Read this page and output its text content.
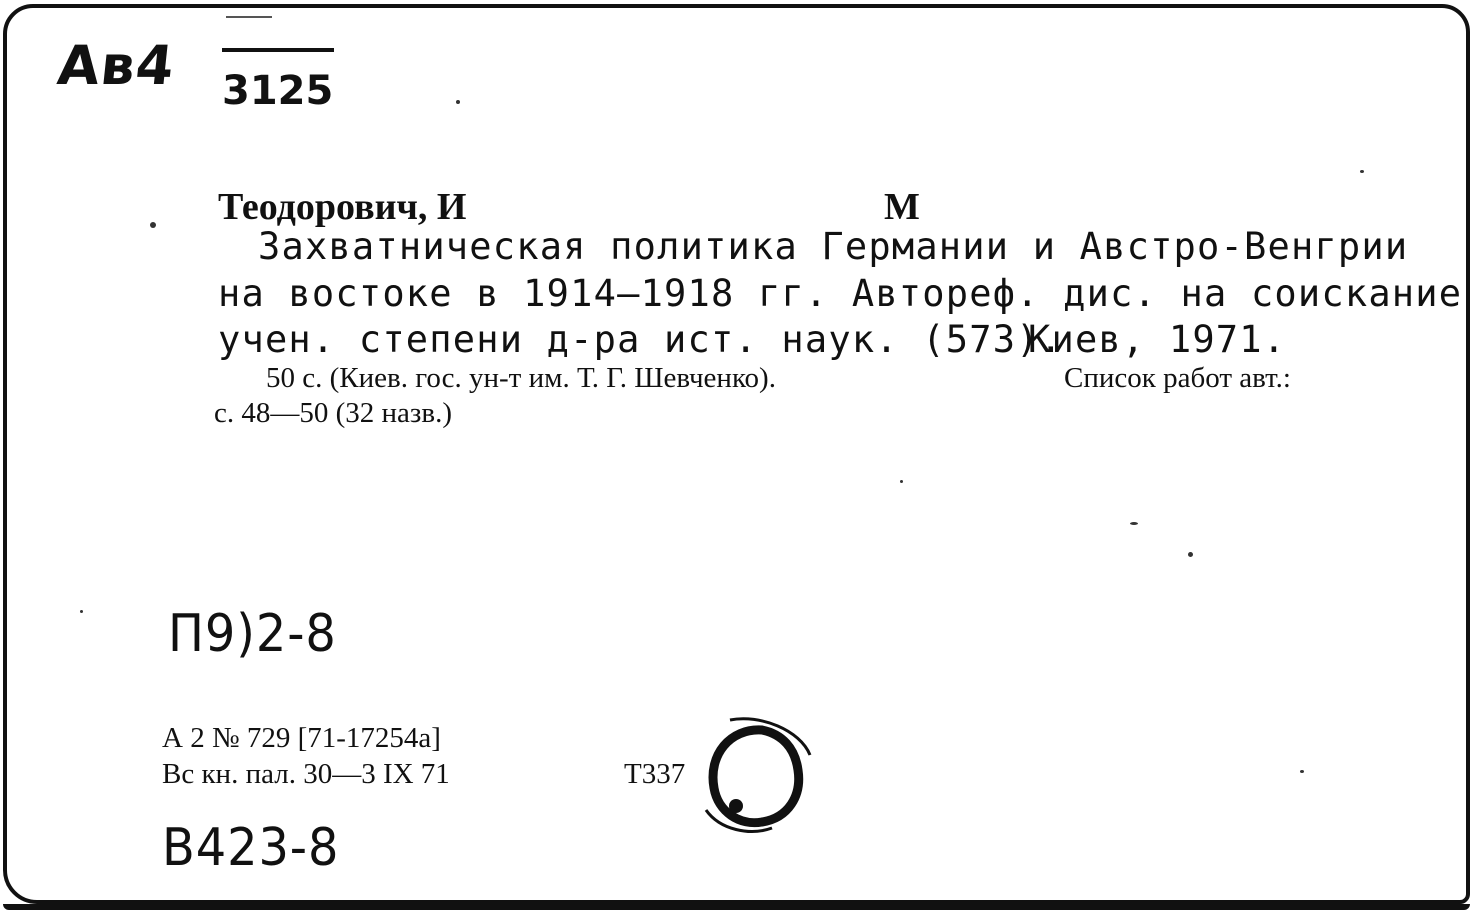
Ав4 3125
Теодорович, И	М
Захватническая политика Германии и Австро-Венгрии
на востоке в 1914—1918 гг. Автореф. дис. на соискание
учен. степени д-ра ист. наук. (573).
Киев, 1971.
50 с. (Киев. гос. ун-т им. Т. Г. Шевченко).	Список работ авт.:
с. 48—50 (32 назв.)
П9)2-8
А 2 № 729 [71-17254а]
Вс кн. пал. 30—3 IX 71	Т337
В423-8
